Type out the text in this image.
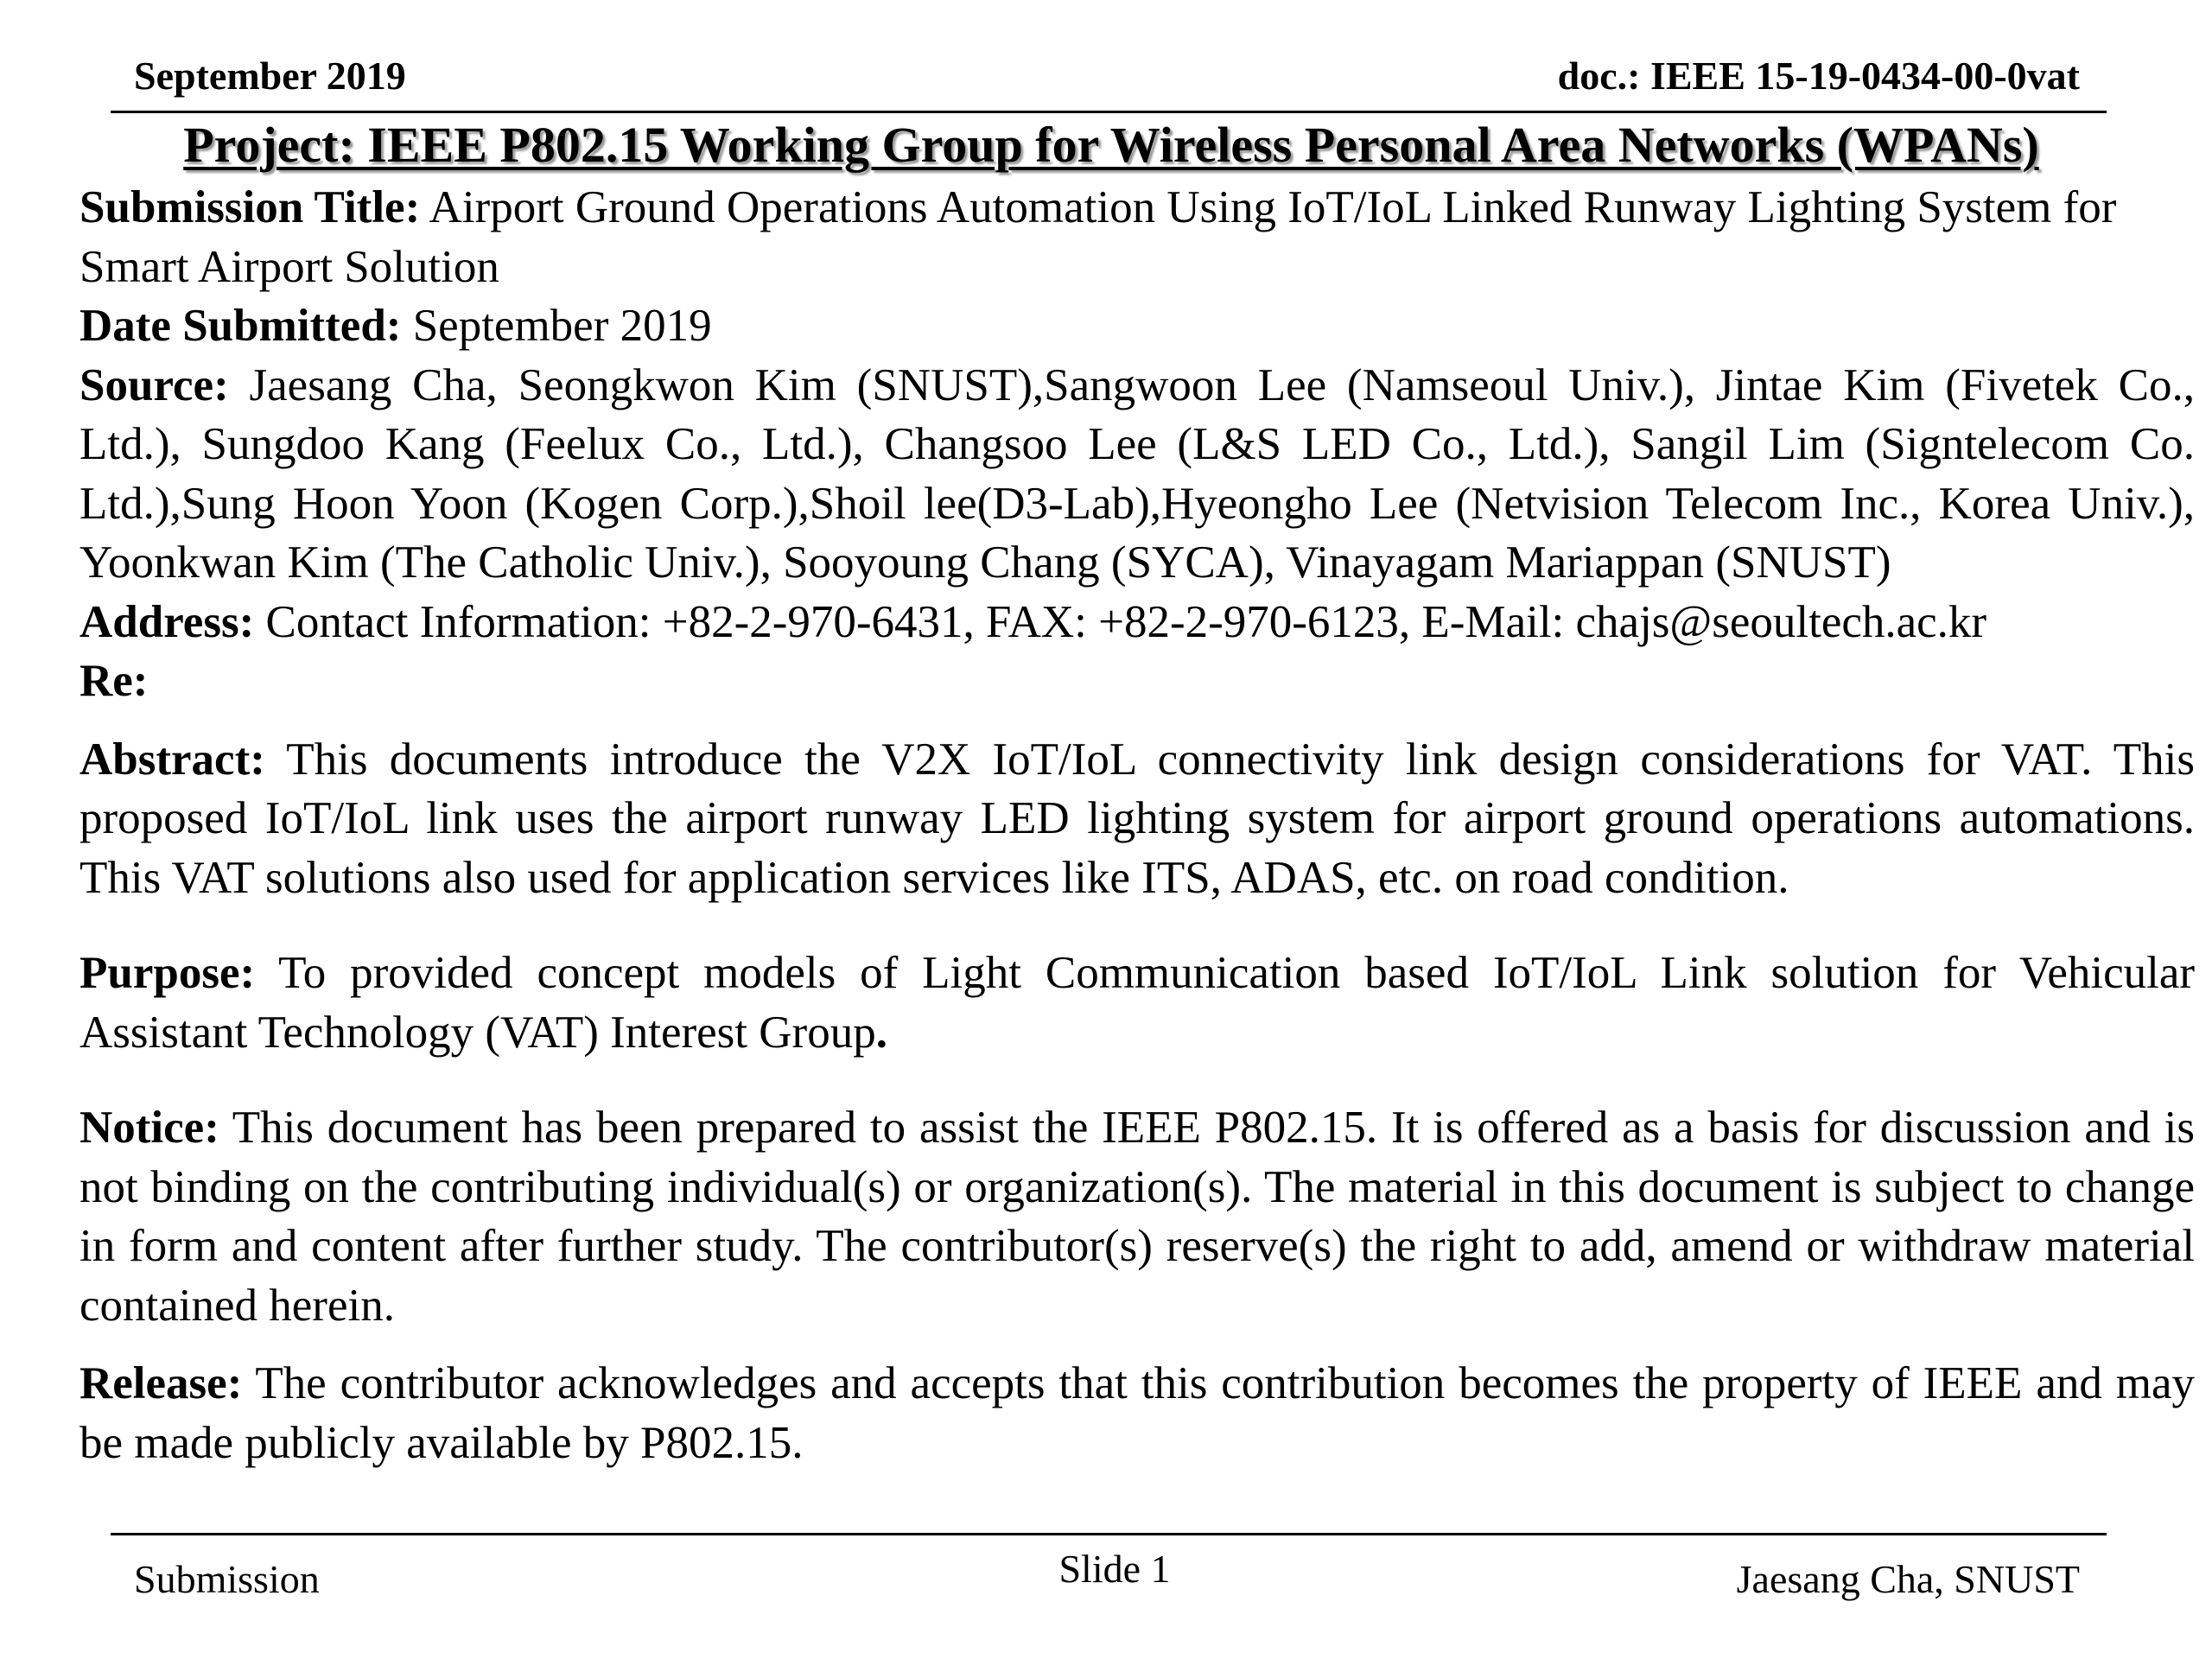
September 2019	doc.: IEEE 15-19-0434-00-0vat
Project: IEEE P802.15 Working Group for Wireless Personal Area Networks (WPANs)

Submission Title: Airport Ground Operations Automation Using IoT/IoL Linked Runway Lighting System for Smart Airport Solution

Date Submitted: September 2019

Source: Jaesang Cha, Seongkwon Kim (SNUST),Sangwoon Lee (Namseoul Univ.), Jintae Kim (Fivetek Co., Ltd.), Sungdoo Kang (Feelux Co., Ltd.), Changsoo Lee (L&S LED Co., Ltd.), Sangil Lim (Signtelecom Co. Ltd.),Sung Hoon Yoon (Kogen Corp.),Shoil lee(D3-Lab),Hyeongho Lee (Netvision Telecom Inc., Korea Univ.), Yoonkwan Kim (The Catholic Univ.), Sooyoung Chang (SYCA), Vinayagam Mariappan (SNUST)

Address: Contact Information: +82-2-970-6431, FAX: +82-2-970-6123, E-Mail: chajs@seoultech.ac.kr

Re:

Abstract: This documents introduce the V2X IoT/IoL connectivity link design considerations for VAT. This proposed IoT/IoL link uses the airport runway LED lighting system for airport ground operations automations. This VAT solutions also used for application services like ITS, ADAS, etc. on road condition.

Purpose: To provided concept models of Light Communication based IoT/IoL Link solution for Vehicular Assistant Technology (VAT) Interest Group.

Notice: This document has been prepared to assist the IEEE P802.15. It is offered as a basis for discussion and is not binding on the contributing individual(s) or organization(s). The material in this document is subject to change in form and content after further study. The contributor(s) reserve(s) the right to add, amend or withdraw material contained herein.

Release: The contributor acknowledges and accepts that this contribution becomes the property of IEEE and may be made publicly available by P802.15.

Submission	Slide 1	Jaesang Cha, SNUST
